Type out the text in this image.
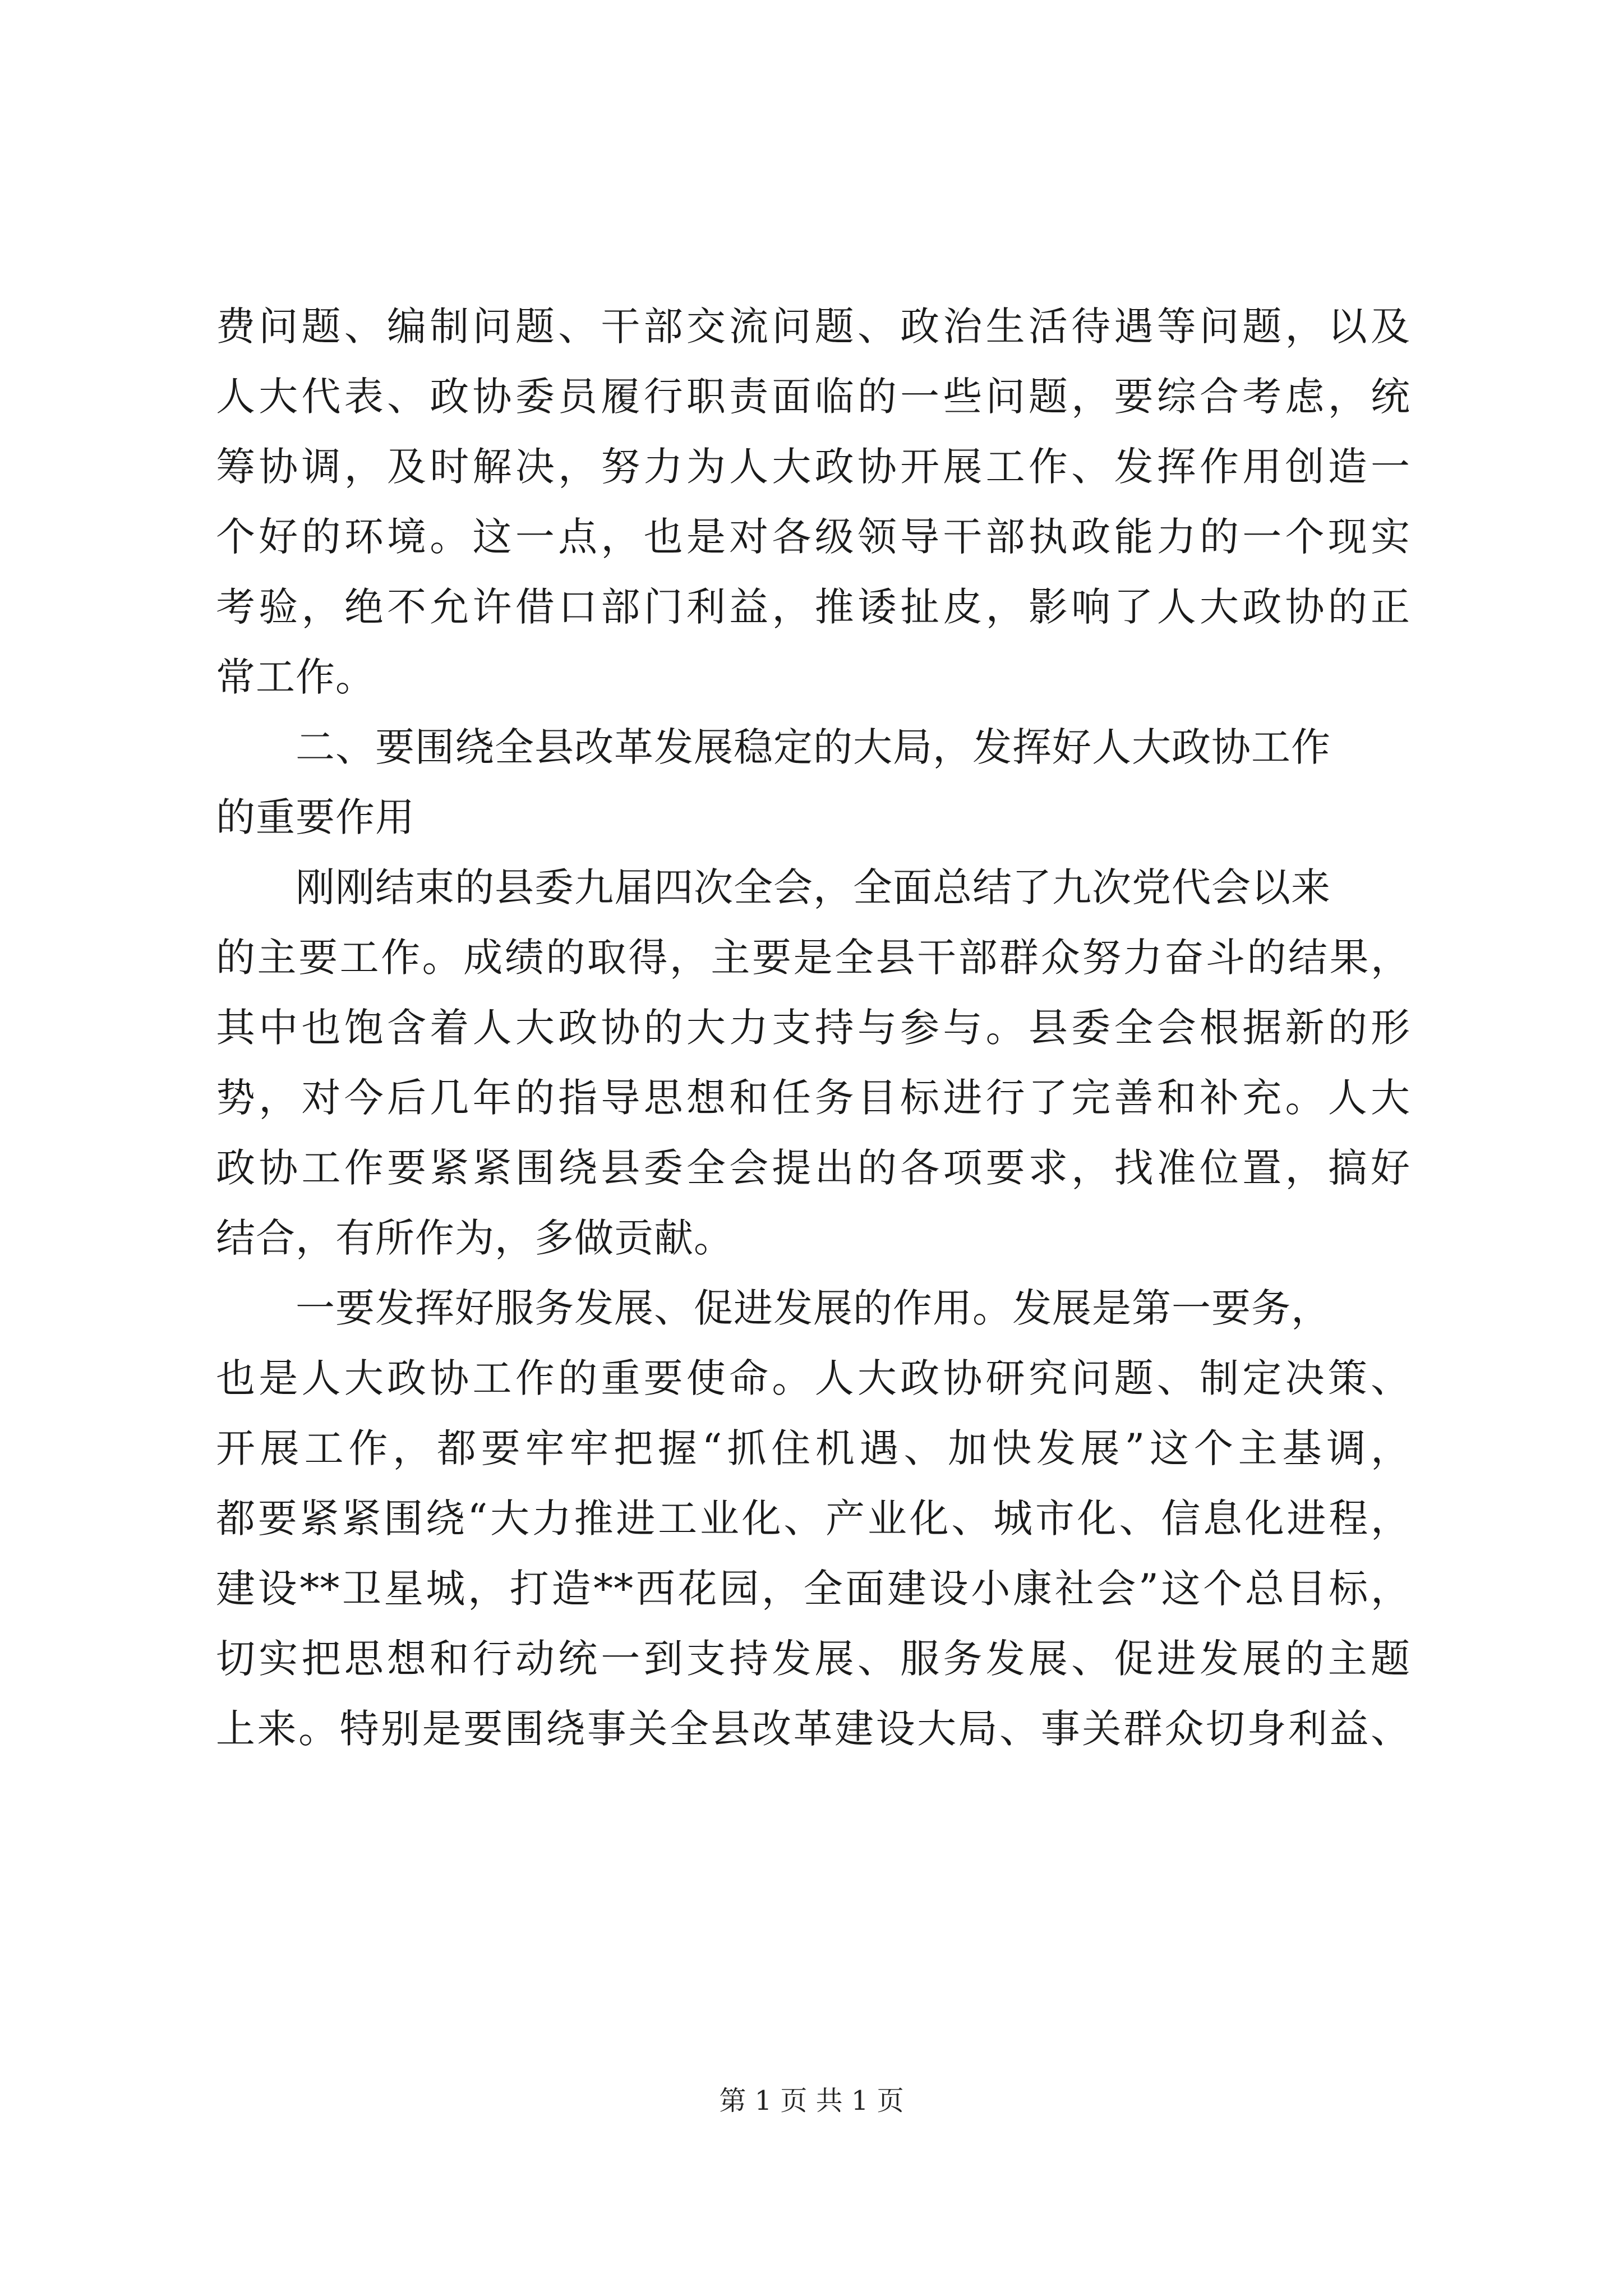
费问题、编制问题、干部交流问题、政治生活待遇等问题，以及
人大代表、政协委员履行职责面临的一些问题，要综合考虑，统
筹协调，及时解决，努力为人大政协开展工作、发挥作用创造一
个好的环境。这一点，也是对各级领导干部执政能力的一个现实
考验，绝不允许借口部门利益，推诿扯皮，影响了人大政协的正
常工作。
　　二、要围绕全县改革发展稳定的大局，发挥好人大政协工作
的重要作用
　　刚刚结束的县委九届四次全会，全面总结了九次党代会以来
的主要工作。成绩的取得，主要是全县干部群众努力奋斗的结果，
其中也饱含着人大政协的大力支持与参与。县委全会根据新的形
势，对今后几年的指导思想和任务目标进行了完善和补充。人大
政协工作要紧紧围绕县委全会提出的各项要求，找准位置，搞好
结合，有所作为，多做贡献。
　　一要发挥好服务发展、促进发展的作用。发展是第一要务，
也是人大政协工作的重要使命。人大政协研究问题、制定决策、
开展工作，都要牢牢把握“抓住机遇、加快发展”这个主基调，
都要紧紧围绕“大力推进工业化、产业化、城市化、信息化进程，
建设**卫星城，打造**西花园，全面建设小康社会”这个总目标，
切实把思想和行动统一到支持发展、服务发展、促进发展的主题
上来。特别是要围绕事关全县改革建设大局、事关群众切身利益、
第 1 页 共 1 页
